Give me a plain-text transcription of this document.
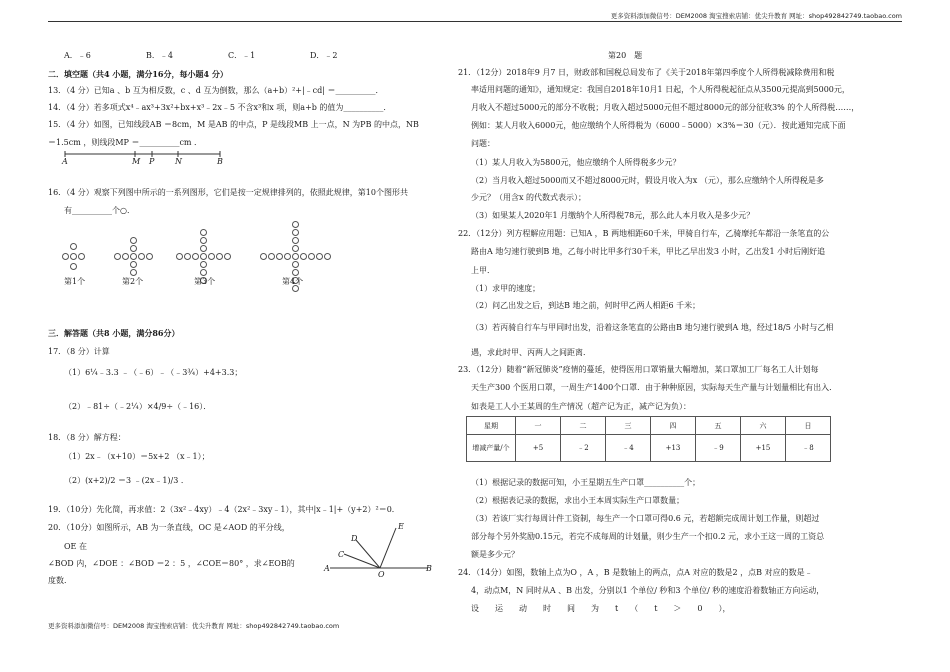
更多资料添加微信号：DEM2008 淘宝搜索店铺：优尖升教育 网址：shop492842749.taobao.com
A．﹣6	B．﹣4	C．﹣1	D．﹣2
二．填空题（共4 小题，满分16分，每小题4 分）
13．（4 分）已知a 、b 互为相反数，c 、d 互为倒数，那么（a+b）²+|﹣cd| ＝__________．
14．（4 分）若多项式x⁴﹣ax³+3x²+bx+x³﹣2x﹣5 不含x³和x 项，则a+b 的值为__________．
15．（4 分）如图，已知线段AB ＝8cm，M 是AB 的中点，P 是线段MB 上一点，N 为PB 的中点，NB
＝1.5cm ，则线段MP ＝__________cm ．
A	M P	N	B
16．（4 分）观察下列图中所示的一系列图形，它们是按一定规律排列的，依照此规律，第10个图形共
有__________个○．
第1个	第2个	第3个	第4个
三．解答题（共8 小题，满分86分）
17．（8 分）计算
（1）6¼﹣3.3 ﹣（﹣6）﹣（﹣3¾）+4+3.3；
（2）﹣81÷（﹣2¼）×4/9÷（﹣16）．
18．（8 分）解方程：
（1）2x﹣（x+10）＝5x+2 （x﹣1）；
（2）(x+2)/2 ＝3 ﹣(2x﹣1)/3 ．
19．（10分）先化简，再求值：2（3x²﹣4xy）﹣4（2x²﹣3xy﹣1），其中|x﹣1|+（y+2）²＝0．
20．（10分）如图所示，AB 为一条直线，OC 是∠AOD 的平分线，
OE 在
∠BOD 内，∠DOE ：∠BOD ＝2 ：5 ，∠COE＝80° ，求∠EOB的
度数．
E
D
C
A
O
B
第20　题
21．（12分）2018年9 月7 日，财政部和国税总局发布了《关于2018年第四季度个人所得税减除费用和税
率适用问题的通知》，通知规定：我国自2018年10月1 日起，个人所得税起征点从3500元提高到5000元，
月收入不超过5000元的部分不收税；月收入超过5000元但不超过8000元的部分征收3% 的个人所得税……，
例如：某人月收入6000元，他应缴纳个人所得税为（6000﹣5000）×3%＝30（元）．按此通知完成下面
问题：
（1）某人月收入为5800元，他应缴纳个人所得税多少元？
（2）当月收入超过5000而又不超过8000元时，假设月收入为x （元），那么应缴纳个人所得税是多
少元？（用含x 的代数式表示）；
（3）如果某人2020年1 月缴纳个人所得税78元，那么此人本月收入是多少元？
22．（12分）列方程解应用题：已知A ，B 两地相距60千米，甲骑自行车，乙骑摩托车都沿一条笔直的公
路由A 地匀速行驶到B 地，乙每小时比甲多行30千米，甲比乙早出发3 小时，乙出发1 小时后刚好追
上甲．
（1）求甲的速度；
（2）问乙出发之后，到达B 地之前，何时甲乙两人相距6 千米；
（3）若丙骑自行车与甲同时出发，沿着这条笔直的公路由B 地匀速行驶到A 地，经过18/5 小时与乙相
遇，求此时甲、丙两人之间距离．
23．（12分）随着“新冠肺炎”疫情的蔓延，使得医用口罩销量大幅增加，某口罩加工厂每名工人计划每
天生产300 个医用口罩，一周生产1400个口罩．由于种种原因，实际每天生产量与计划量相比有出入．
如表是工人小王某周的生产情况（超产记为正，减产记为负）：
星期	一	二	三	四	五	六	日
增减产量/个	+5	﹣2	﹣4	+13	﹣9	+15	﹣8
（1）根据记录的数据可知，小王星期五生产口罩__________个；
（2）根据表记录的数据，求出小王本周实际生产口罩数量；
（3）若该厂实行每周计件工资制，每生产一个口罩可得0.6 元，若超额完成周计划工作量，则超过
部分每个另外奖励0.15元，若完不成每周的计划量，则少生产一个扣0.2 元，求小王这一周的工资总
额是多少元？
24．（14分）如图，数轴上点为O ，A ，B 是数轴上的两点，点A 对应的数是2 ，点B 对应的数是﹣
4，动点M，N 同时从A 、B 出发，分别以1 个单位/ 秒和3 个单位/ 秒的速度沿着数轴正方向运动，
设　　运　　动　　时　　间　　为　　t　　（　　t　　＞　　0　　），
更多资料添加微信号：DEM2008 淘宝搜索店铺：优尖升教育 网址：shop492842749.taobao.com
